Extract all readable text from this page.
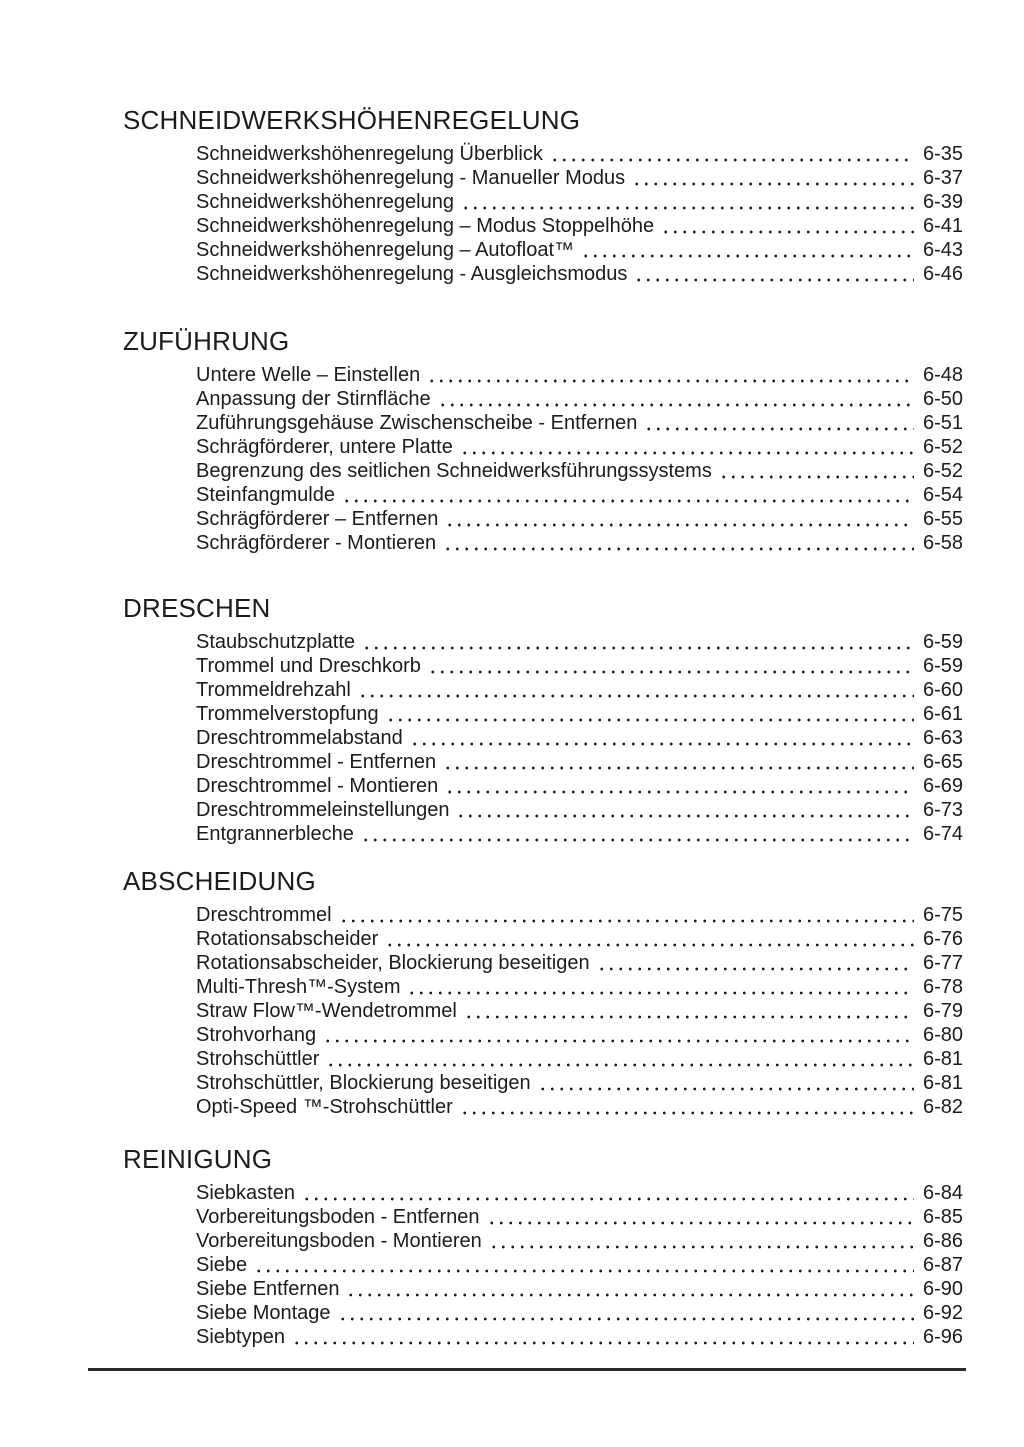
SCHNEIDWERKSHÖHENREGELUNG
Schneidwerkshöhenregelung Überblick	6-35
Schneidwerkshöhenregelung - Manueller Modus	6-37
Schneidwerkshöhenregelung	6-39
Schneidwerkshöhenregelung – Modus Stoppelhöhe	6-41
Schneidwerkshöhenregelung – Autofloat™	6-43
Schneidwerkshöhenregelung - Ausgleichsmodus	6-46
ZUFÜHRUNG
Untere Welle – Einstellen	6-48
Anpassung der Stirnfläche	6-50
Zuführungsgehäuse Zwischenscheibe - Entfernen	6-51
Schrägförderer, untere Platte	6-52
Begrenzung des seitlichen Schneidwerksführungssystems	6-52
Steinfangmulde	6-54
Schrägförderer – Entfernen	6-55
Schrägförderer - Montieren	6-58
DRESCHEN
Staubschutzplatte	6-59
Trommel und Dreschkorb	6-59
Trommeldrehzahl	6-60
Trommelverstopfung	6-61
Dreschtrommelabstand	6-63
Dreschtrommel - Entfernen	6-65
Dreschtrommel - Montieren	6-69
Dreschtrommeleinstellungen	6-73
Entgrannerbleche	6-74
ABSCHEIDUNG
Dreschtrommel	6-75
Rotationsabscheider	6-76
Rotationsabscheider, Blockierung beseitigen	6-77
Multi-Thresh™-System	6-78
Straw Flow™-Wendetrommel	6-79
Strohvorhang	6-80
Strohschüttler	6-81
Strohschüttler, Blockierung beseitigen	6-81
Opti-Speed ™-Strohschüttler	6-82
REINIGUNG
Siebkasten	6-84
Vorbereitungsboden - Entfernen	6-85
Vorbereitungsboden - Montieren	6-86
Siebe	6-87
Siebe Entfernen	6-90
Siebe Montage	6-92
Siebtypen	6-96
